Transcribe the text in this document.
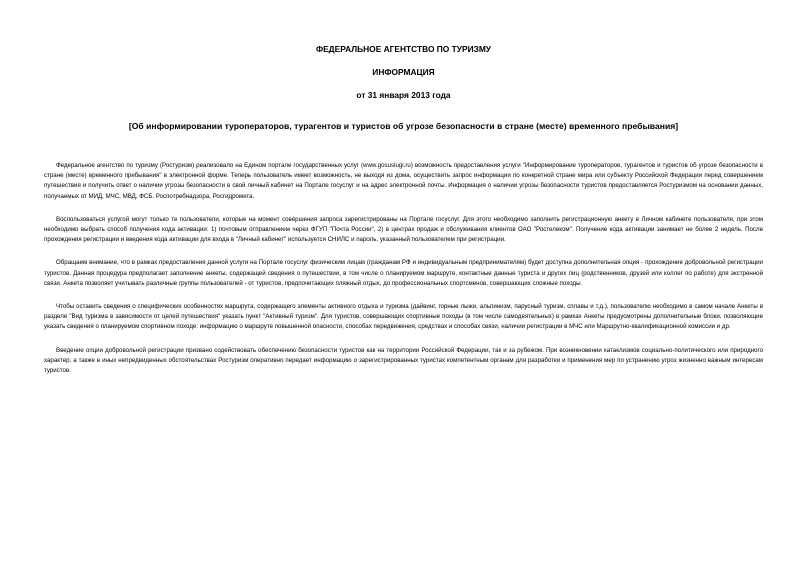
ФЕДЕРАЛЬНОЕ АГЕНТСТВО ПО ТУРИЗМУ

ИНФОРМАЦИЯ

от 31 января 2013 года

[Об информировании туроператоров, турагентов и туристов об угрозе безопасности в стране (месте) временного пребывания]

Федеральное агентство по туризму (Ростуризм) реализовало на Едином портале государственных услуг (www.gosuslugi.ru) возможность предоставления услуги "Информирование туроператоров, турагентов и туристов об угрозе безопасности в стране (месте) временного пребывания" в электронной форме. Теперь пользователь имеет возможность, не выходя из дома, осуществить запрос информации по конкретной стране мира или субъекту Российской Федерации перед совершением путешествия и получить ответ о наличии угрозы безопасности в свой личный кабинет на Портале госуслуг и на адрес электронной почты. Информация о наличии угрозы безопасности туристов предоставляется Ростуризмом на основании данных, получаемых от МИД, МЧС, МВД, ФСБ, Роспотребнадзора, Росгидромета.

Воспользоваться услугой могут только те пользователи, которые на момент совершения запроса зарегистрированы на Портале госуслуг. Для этого необходимо заполнить регистрационную анкету в Личном кабинете пользователя, при этом необходимо выбрать способ получения кода активации: 1) почтовым отправлением через ФГУП "Почта России", 2) в центрах продаж и обслуживания клиентов ОАО "Ростелеком". Получение кода активации занимает не более 2 недель. После прохождения регистрации и введения кода активации для входа в "Личный кабинет" используется СНИЛС и пароль, указанный пользователем при регистрации.

Обращаем внимание, что в рамках предоставления данной услуги на Портале госуслуг физическим лицам (гражданам РФ и индивидуальным предпринимателям) будет доступна дополнительная опция - прохождение добровольной регистрации туристов. Данная процедура предполагает заполнение анкеты, содержащей сведения о путешествии, в том числе о планируемом маршруте, контактные данные туриста и других лиц (родственников, друзей или коллег по работе) для экстренной связи. Анкета позволяет учитывать различные группы пользователей - от туристов, предпочитающих пляжный отдых, до профессиональных спортсменов, совершающих сложные походы.

Чтобы оставить сведения о специфических особенностях маршрута, содержащего элементы активного отдыха и туризма (дайвинг, горные лыжи, альпинизм, парусный туризм, сплавы и т.д.), пользователю необходимо в самом начале Анкеты в разделе "Вид туризма в зависимости от целей путешествия" указать пункт "Активный туризм". Для туристов, совершающих спортивные походы (в том числе самодеятельных) в рамках Анкеты предусмотрены дополнительные блоки, позволяющие указать сведения о планируемом спортивном походе: информацию о маршруте повышенной опасности, способах передвижения, средствах и способах связи, наличии регистрации в МЧС или Маршрутно-квалификационной комиссии и др.

Введение опции добровольной регистрации призвано содействовать обеспечению безопасности туристов как на территории Российской Федерации, так и за рубежом. При возникновении катаклизмов социально-политического или природного характер, а также в иных непредвиденных обстоятельствах Ростуризм оперативно передает информацию о зарегистрированных туристах компетентным органам для разработки и применения мер по устранению угроз жизненно важным интересам туристов.
